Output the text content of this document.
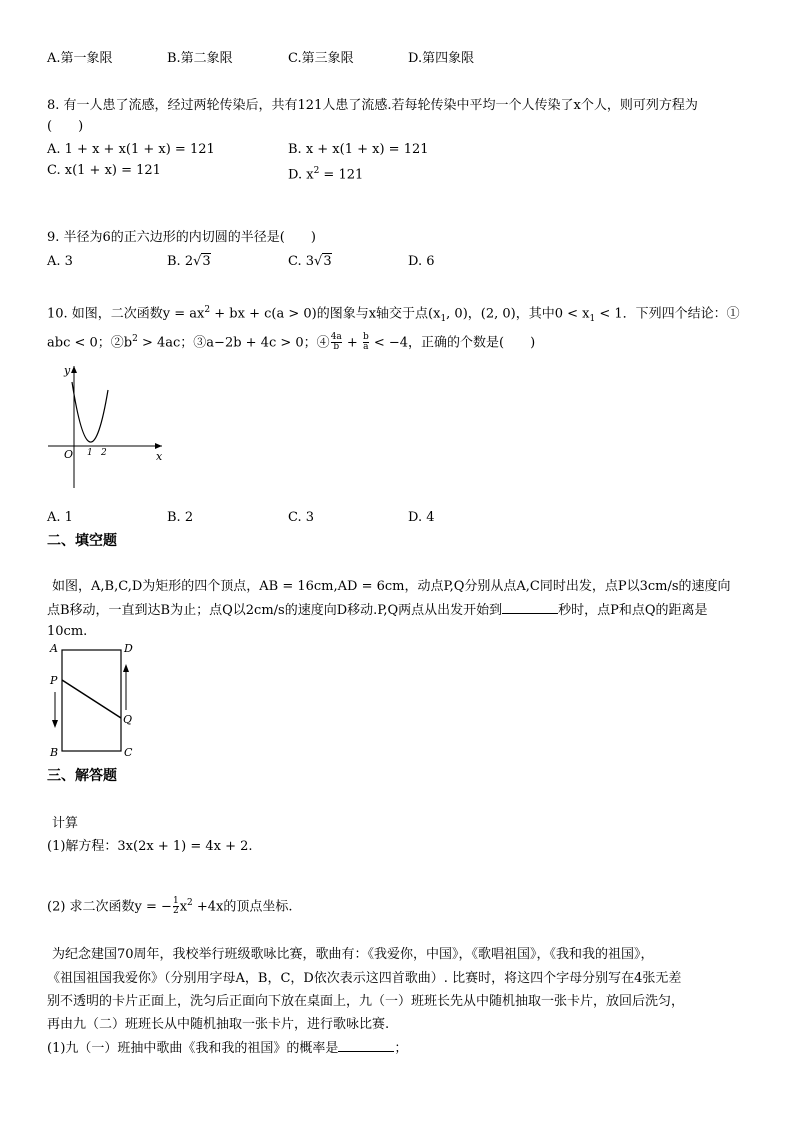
A.第一象限	B.第二象限	C.第三象限	D.第四象限
8. 有一人患了流感，经过两轮传染后，共有121人患了流感.若每轮传染中平均一个人传染了x个人，则可列方程为
(　　)
A. 1 + x + x(1 + x) = 121	B. x + x(1 + x) = 121
C. x(1 + x) = 121	D. $x^2 = 121$
9. 半径为6的正六边形的内切圆的半径是(　　)
A. 3	B. 2√3	C. 3√3	D. 6
10. 如图，二次函数$y = ax^2$ + bx + c(a > 0)的图象与x轴交于点($x_1$, 0)，(2, 0)，其中$0 < x_1 < 1$．下列四个结论：①
abc < 0；$②b^2 > 4ac$；③a−2b + 4c > 0；④ $\frac{4a}{b} + \frac{b}{a} < -4$，正确的个数是(　　)
y
x
O 1 2
A. 1	B. 2	C. 3	D. 4
二、填空题
如图，A,B,C,D为矩形的四个顶点，AB = 16cm,AD = 6cm，动点P,Q分别从点A,C同时出发，点P以3cm/s的速度向
点B移动，一直到达B为止；点Q以2cm/s的速度向D移动.P,Q两点从出发开始到	秒时，点P和点Q的距离是
10cm.
A	D
P
Q
B	C
三、解答题
计算
(1)解方程：3x(2x + 1) = 4x + 2.
(2) 求二次函数y = − $\frac{1}{2} x^2 +4x$的顶点坐标.
为纪念建国70周年，我校举行班级歌咏比赛，歌曲有：《我爱你，中国》，《歌唱祖国》，《我和我的祖国》，
《祖国祖国我爱你》（分别用字母A，B，C，D依次表示这四首歌曲）. 比赛时，将这四个字母分别写在4张无差
别不透明的卡片正面上，洗匀后正面向下放在桌面上，九（一）班班长先从中随机抽取一张卡片，放回后洗匀，
再由九（二）班班长从中随机抽取一张卡片，进行歌咏比赛.
(1)九（一）班抽中歌曲《我和我的祖国》的概率是	；
